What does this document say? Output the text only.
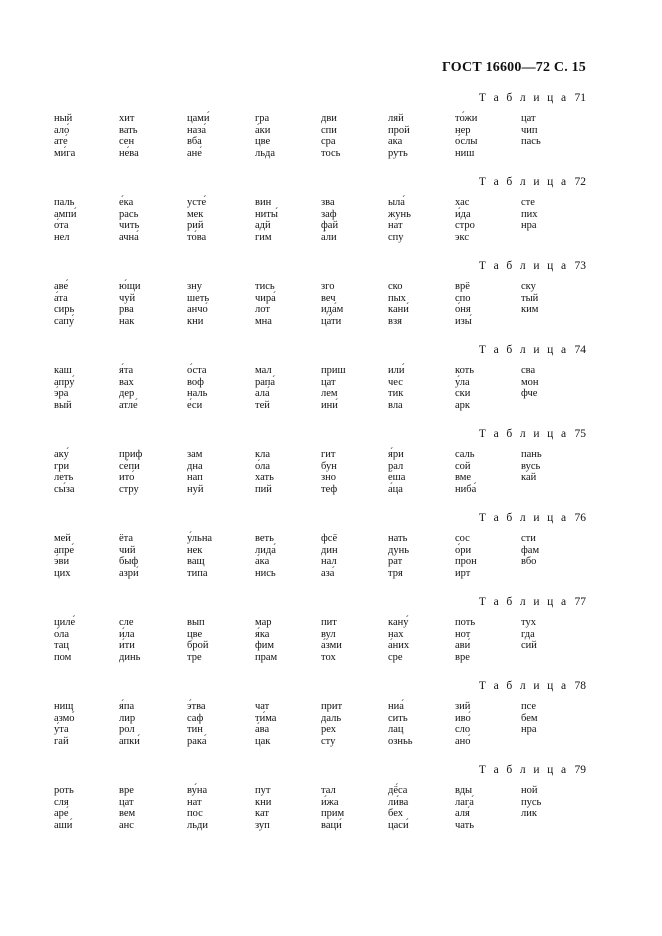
ГОСТ 16600—72 С. 15
Т а б л и ц а 71
ный
ало́
ате́
ми́га
хит
вать
сен
не́ва
цами́
наза́
вба
ане́
гра
а́ки
цве
льда
дви
спи
сра
тось
ляй
прой
ака
руть
то́жи
нер
о́слы
ниш
цат
чип
пась
Т а б л и ц а 72
паль
ампи́
о́та
нел
е́ка
рась
чить
ачна́
усте́
мек
рий
то́ва
вин
ниты́
адй
гим
зва
заф
фай
а́ли
ыла́
жунь
нат
спу
хас
и́да
стро
экс
сте
пих
нра
Т а б л и ц а 73
аве́
а́та
сирь
сапу́
ю́щи
чуй
рва
нак
зну
шеть
анчо́
кни
тись
чира́
лот
мна
зго
веч
ида́м
ца́ти
ско
пых
кани́
взя
врё
спо
о́ня
изы́
ску
тый
ким
Т а б л и ц а 74
каш
апру́
э́ра
вый
я́та
вах
дер
атле́
о́ста
воф
наль
е́си
мал
рапа́
ала́
тей
приш
цат
лем
ини́
или́
чес
тик
вла
коть
у́ла
ски
арк
сва
мон
фче
Т а б л и ц а 75
аку́
гри
леть
сы́за
приф
се́пи
ито́
стру
зам
дна
нап
нуй
кла
о́ла
хать
пий
гит
бун
зно
теф
я́ри
рал
е́ша
а́ца
саль
сой
вме
ниба́
пань
вусь
кай
Т а б л и ц а 76
мей
апре́
э́ви
цих
ёта
чий
быф
азри́
у́льна
нек
ващ
типа
веть
лида́
а́ка
нись
фсё
дин
нал
аза́
нать
дунь
рат
тря
сос
о́ри
прон
ирт
сти
фам
вбо
Т а б л и ц а 77
циле́
о́ла
тац
пом
сле
и́ла
и́ти
динь
вып
цве
брой
тре
мар
я́ка
фим
прам
пит
вул
а́зми
тох
кану́
нах
а́них
сре
поть
нот
ави́
вре
тух
гда
сий
Т а б л и ц а 78
нищ
азмо́
у́та
гай
я́па
лир
рол
апки́
э́тва
саф
тин
рака́
чат
ти́ма
а́ва
цак
прит
даль
рех
сту
ниа́
сить
лац
озньь
зий
иво́
сло
ано́
псе
бем
нра
Т а б л и ц а 79
роть
сля
аре́
аши́
вре
цат
вем
анс
ву́на
нат
пос
льди
пут
кни
кат
зуп
тал
и́жа
прим
ваци́
дё́са
ли́ва
бех
цаси́
вды
лага́
аля́
чать
ной
пусь
лик
